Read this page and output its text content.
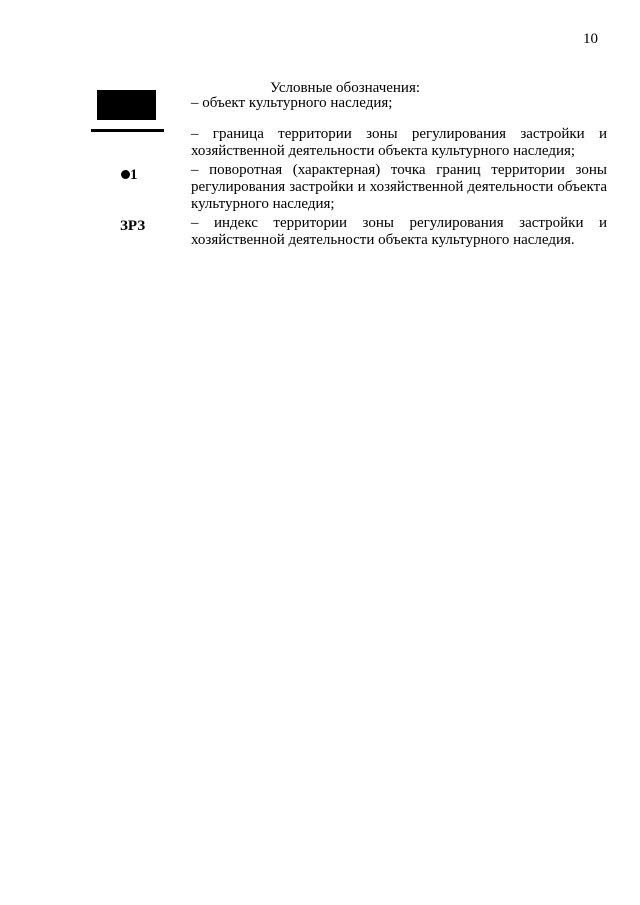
10
Условные обозначения:
– объект культурного наследия;
– граница территории зоны регулирования застройки и хозяйственной деятельности объекта культурного наследия;
1	– поворотная (характерная) точка границ территории зоны регулирования застройки и хозяйственной деятельности объекта культурного наследия;
ЗРЗ	– индекс территории зоны регулирования застройки и хозяйственной деятельности объекта культурного наследия.
